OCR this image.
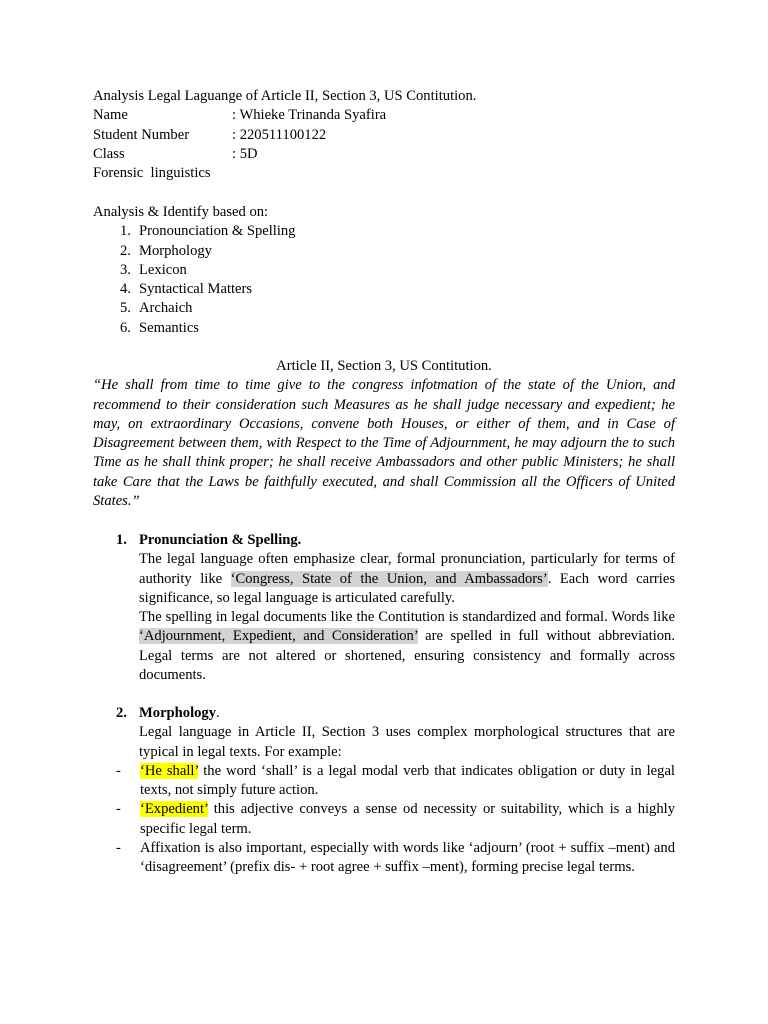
Analysis Legal Laguange of Article II, Section 3, US Contitution.
Name	: Whieke Trinanda Syafira
Student Number	: 220511100122
Class	: 5D
Forensic  linguistics
Analysis & Identify based on:
1. Pronounciation & Spelling
2. Morphology
3. Lexicon
4. Syntactical Matters
5. Archaich
6. Semantics
Article II, Section 3, US Contitution.

“He shall from time to time give to the congress infotmation of the state of the Union, and recommend to their consideration such Measures as he shall judge necessary and expedient; he may, on extraordinary Occasions, convene both Houses, or either of them, and in Case of Disagreement between them, with Respect to the Time of Adjournment, he may adjourn the to such Time as he shall think proper; he shall receive Ambassadors and other public Ministers; he shall take Care that the Laws be faithfully executed, and shall Commission all the Officers of United States.”

1. Pronunciation & Spelling.

The legal language often emphasize clear, formal pronunciation, particularly for terms of authority like ‘Congress, State of the Union, and Ambassadors’. Each word carries significance, so legal language is articulated carefully.

The spelling in legal documents like the Contitution is standardized and formal. Words like ‘Adjournment, Expedient, and Consideration’ are spelled in full without abbreviation. Legal terms are not altered or shortened, ensuring consistency and formally across documents.

2. Morphology .

Legal language in Article II, Section 3 uses complex morphological structures that are typical in legal texts. For example:

-	‘He shall’ the word ‘shall’ is a legal modal verb that indicates obligation or duty in legal texts, not simply future action.
-	‘Expedient’ this adjective conveys a sense od necessity or suitability, which is a highly specific legal term.
-	Affixation is also important, especially with words like ‘adjourn’ (root + suffix –ment) and ‘disagreement’ (prefix dis- + root agree + suffix –ment), forming precise legal terms.
